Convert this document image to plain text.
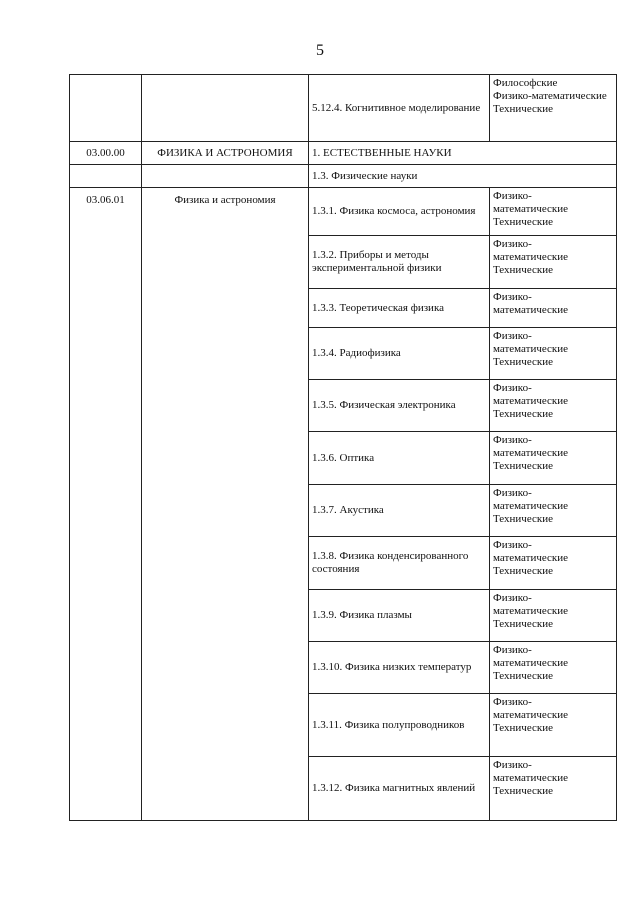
5
		5.12.4. Когнитивное моделирование	Философские
Физико-математические
Технические
03.00.00	ФИЗИКА И АСТРОНОМИЯ	1. ЕСТЕСТВЕННЫЕ НАУКИ	
		1.3. Физические науки	
03.06.01	Физика и астрономия	1.3.1. Физика космоса, астрономия	Физико-
математические
Технические
		1.3.2. Приборы и методы экспериментальной физики	Физико-
математические
Технические
		1.3.3. Теоретическая физика	Физико-
математические
		1.3.4. Радиофизика	Физико-
математические
Технические
		1.3.5. Физическая электроника	Физико-
математические
Технические
		1.3.6. Оптика	Физико-
математические
Технические
		1.3.7. Акустика	Физико-
математические
Технические
		1.3.8. Физика конденсированного состояния	Физико-
математические
Технические
		1.3.9. Физика плазмы	Физико-
математические
Технические
		1.3.10. Физика низких температур	Физико-
математические
Технические
		1.3.11. Физика полупроводников	Физико-
математические
Технические
		1.3.12. Физика магнитных явлений	Физико-
математические
Технические
